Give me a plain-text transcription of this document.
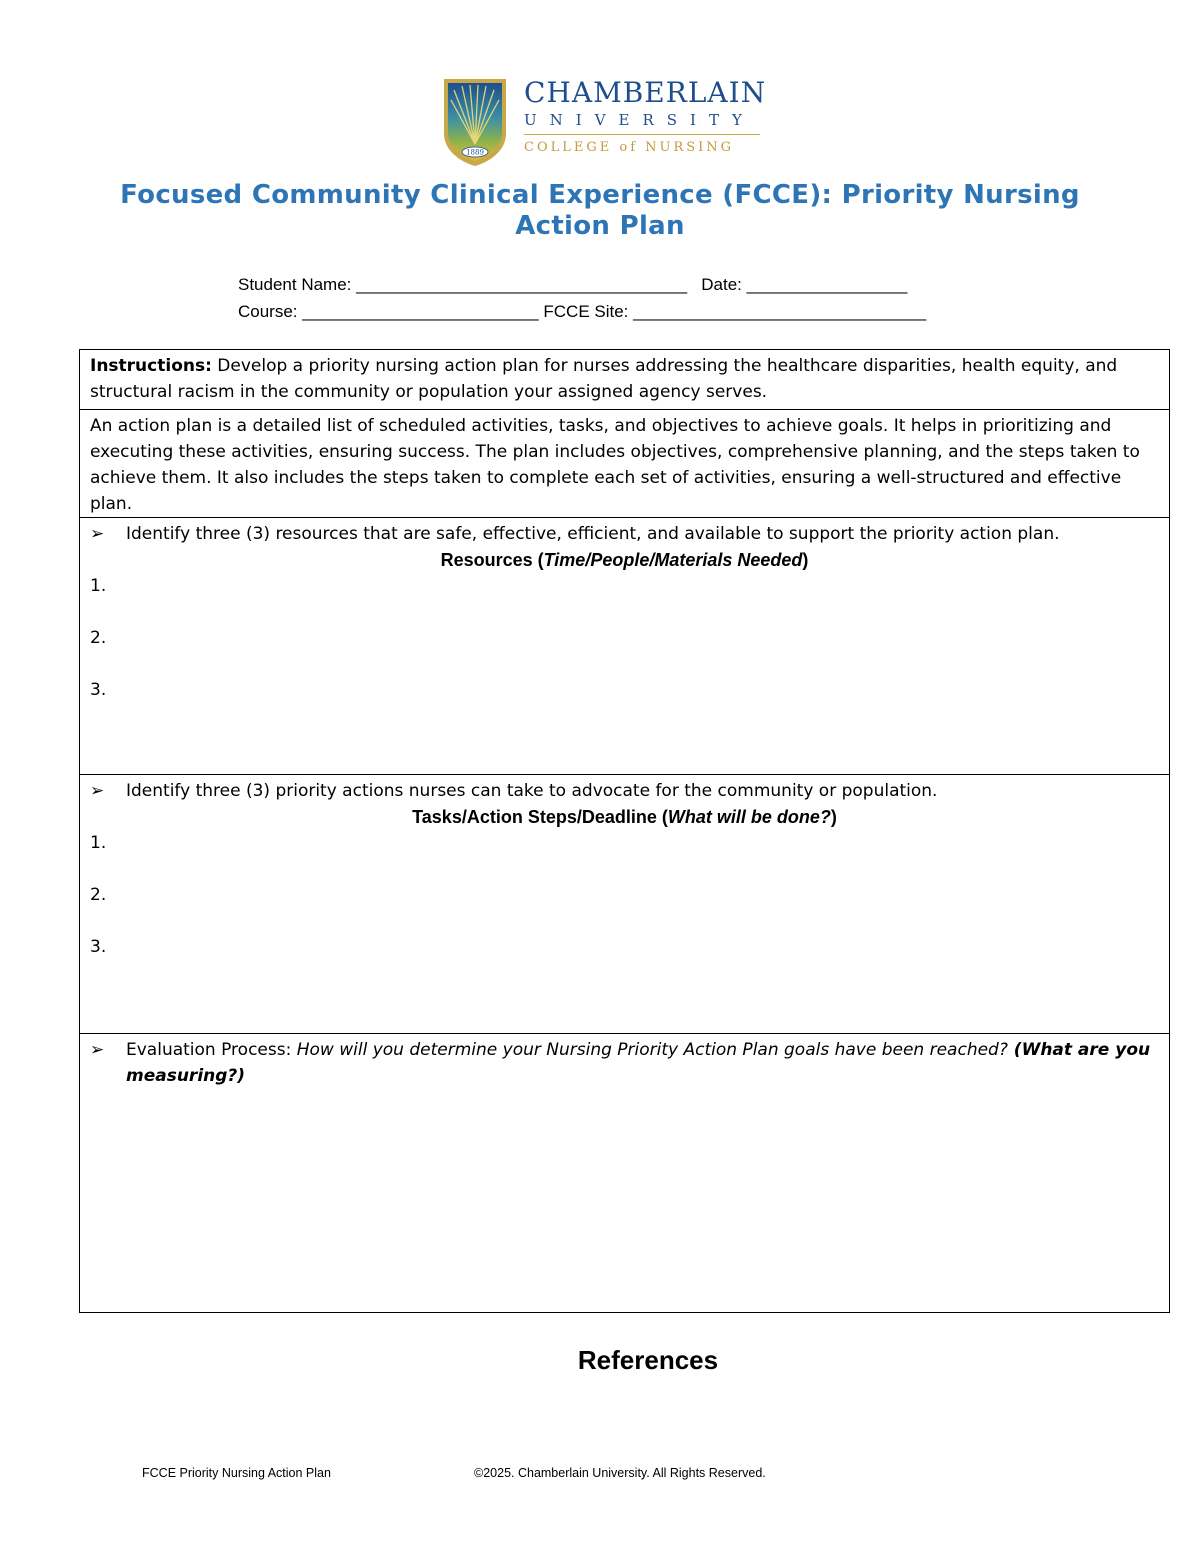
1889
CHAMBERLAIN
UNIVERSITY
COLLEGE of NURSING
Focused Community Clinical Experience (FCCE): Priority Nursing Action Plan
Student Name: ___________________________________ Date: _________________
Course: _________________________ FCCE Site: _______________________________
Instructions: Develop a priority nursing action plan for nurses addressing the healthcare disparities, health equity, and structural racism in the community or population your assigned agency serves.
An action plan is a detailed list of scheduled activities, tasks, and objectives to achieve goals. It helps in prioritizing and executing these activities, ensuring success. The plan includes objectives, comprehensive planning, and the steps taken to achieve them. It also includes the steps taken to complete each set of activities, ensuring a well-structured and effective plan.
➢	Identify three (3) resources that are safe, effective, efficient, and available to support the priority action plan.
Resources (Time/People/Materials Needed)
1.
2.
3.
➢	Identify three (3) priority actions nurses can take to advocate for the community or population.
Tasks/Action Steps/Deadline (What will be done?)
1.
2.
3.
➢	Evaluation Process: How will you determine your Nursing Priority Action Plan goals have been reached? (What are you measuring?)
References
FCCE Priority Nursing Action Plan	©2025. Chamberlain University. All Rights Reserved.
